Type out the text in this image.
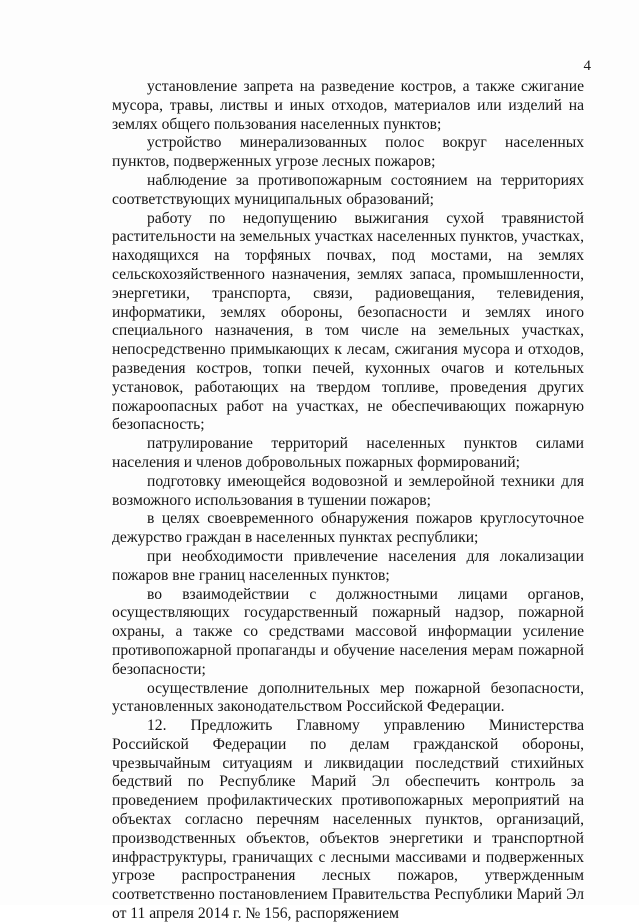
4

установление запрета на разведение костров, а также сжигание мусора, травы, листвы и иных отходов, материалов или изделий на землях общего пользования населенных пунктов;

устройство минерализованных полос вокруг населенных пунктов, подверженных угрозе лесных пожаров;

наблюдение за противопожарным состоянием на территориях соответствующих муниципальных образований;

работу по недопущению выжигания сухой травянистой растительности на земельных участках населенных пунктов, участках, находящихся на торфяных почвах, под мостами, на землях сельскохозяйственного назначения, землях запаса, промышленности, энергетики, транспорта, связи, радиовещания, телевидения, информатики, землях обороны, безопасности и землях иного специального назначения, в том числе на земельных участках, непосредственно примыкающих к лесам, сжигания мусора и отходов, разведения костров, топки печей, кухонных очагов и котельных установок, работающих на твердом топливе, проведения других пожароопасных работ на участках, не обеспечивающих пожарную безопасность;

патрулирование территорий населенных пунктов силами населения и членов добровольных пожарных формирований;

подготовку имеющейся водовозной и землеройной техники для возможного использования в тушении пожаров;

в целях своевременного обнаружения пожаров круглосуточное дежурство граждан в населенных пунктах республики;

при необходимости привлечение населения для локализации пожаров вне границ населенных пунктов;

во взаимодействии с должностными лицами органов, осуществляющих государственный пожарный надзор, пожарной охраны, а также со средствами массовой информации усиление противопожарной пропаганды и обучение населения мерам пожарной безопасности;

осуществление дополнительных мер пожарной безопасности, установленных законодательством Российской Федерации.

12. Предложить Главному управлению Министерства Российской Федерации по делам гражданской обороны, чрезвычайным ситуациям и ликвидации последствий стихийных бедствий по Республике Марий Эл обеспечить контроль за проведением профилактических противопожарных мероприятий на объектах согласно перечням населенных пунктов, организаций, производственных объектов, объектов энергетики и транспортной инфраструктуры, граничащих с лесными массивами и подверженных угрозе распространения лесных пожаров, утвержденным соответственно постановлением Правительства Республики Марий Эл от 11 апреля 2014 г. № 156, распоряжением
